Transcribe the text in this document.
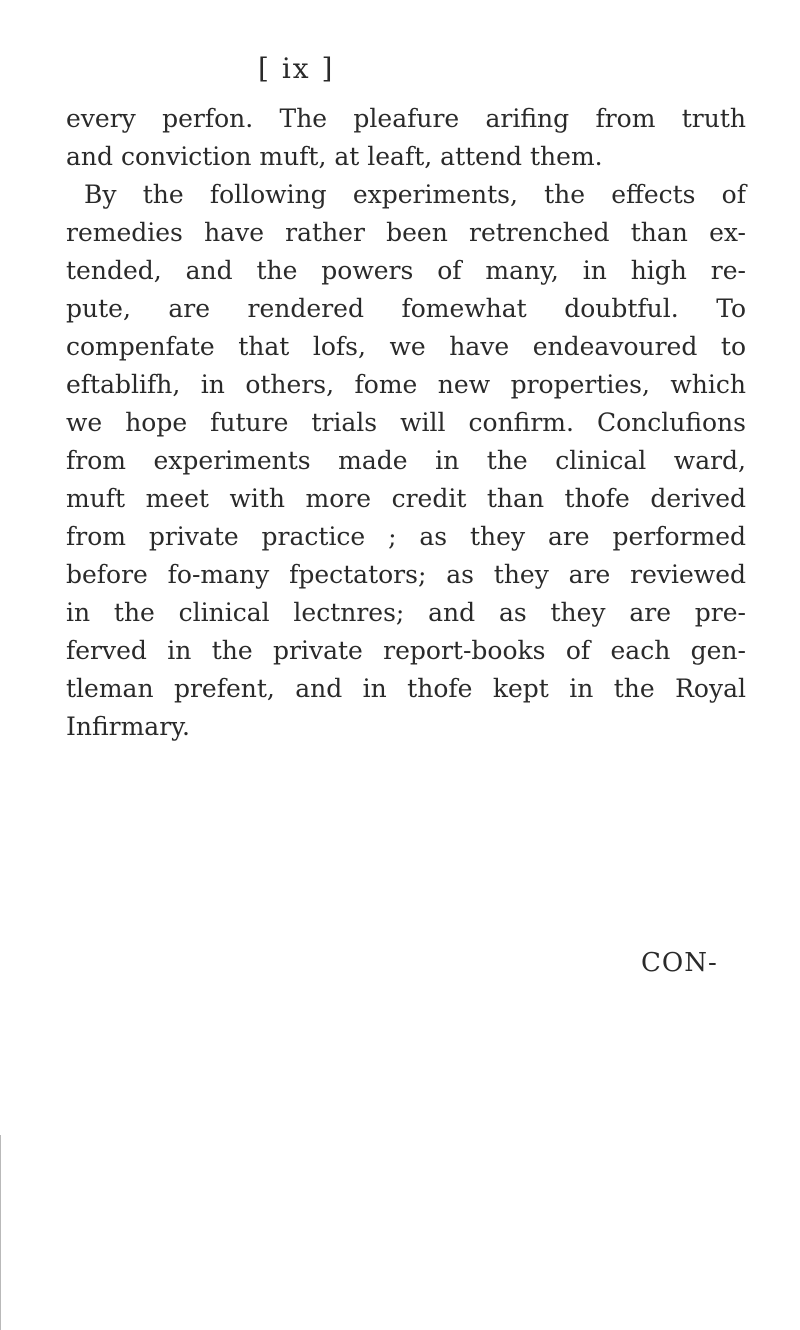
[ ix ]
every perfon. The pleafure arifing from truth
and conviction muft, at leaft, attend them.
By the following experiments, the effects of
remedies have rather been retrenched than ex-
tended, and the powers of many, in high re-
pute, are rendered fomewhat doubtful. To
compenfate that lofs, we have endeavoured to
eftablifh, in others, fome new properties, which
we hope future trials will confirm. Conclufions
from experiments made in the clinical ward,
muft meet with more credit than thofe derived
from private practice ; as they are performed
before fo-many fpectators; as they are reviewed
in the clinical lectnres; and as they are pre-
ferved in the private report-books of each gen-
tleman prefent, and in thofe kept in the Royal
Infirmary.
CON-
